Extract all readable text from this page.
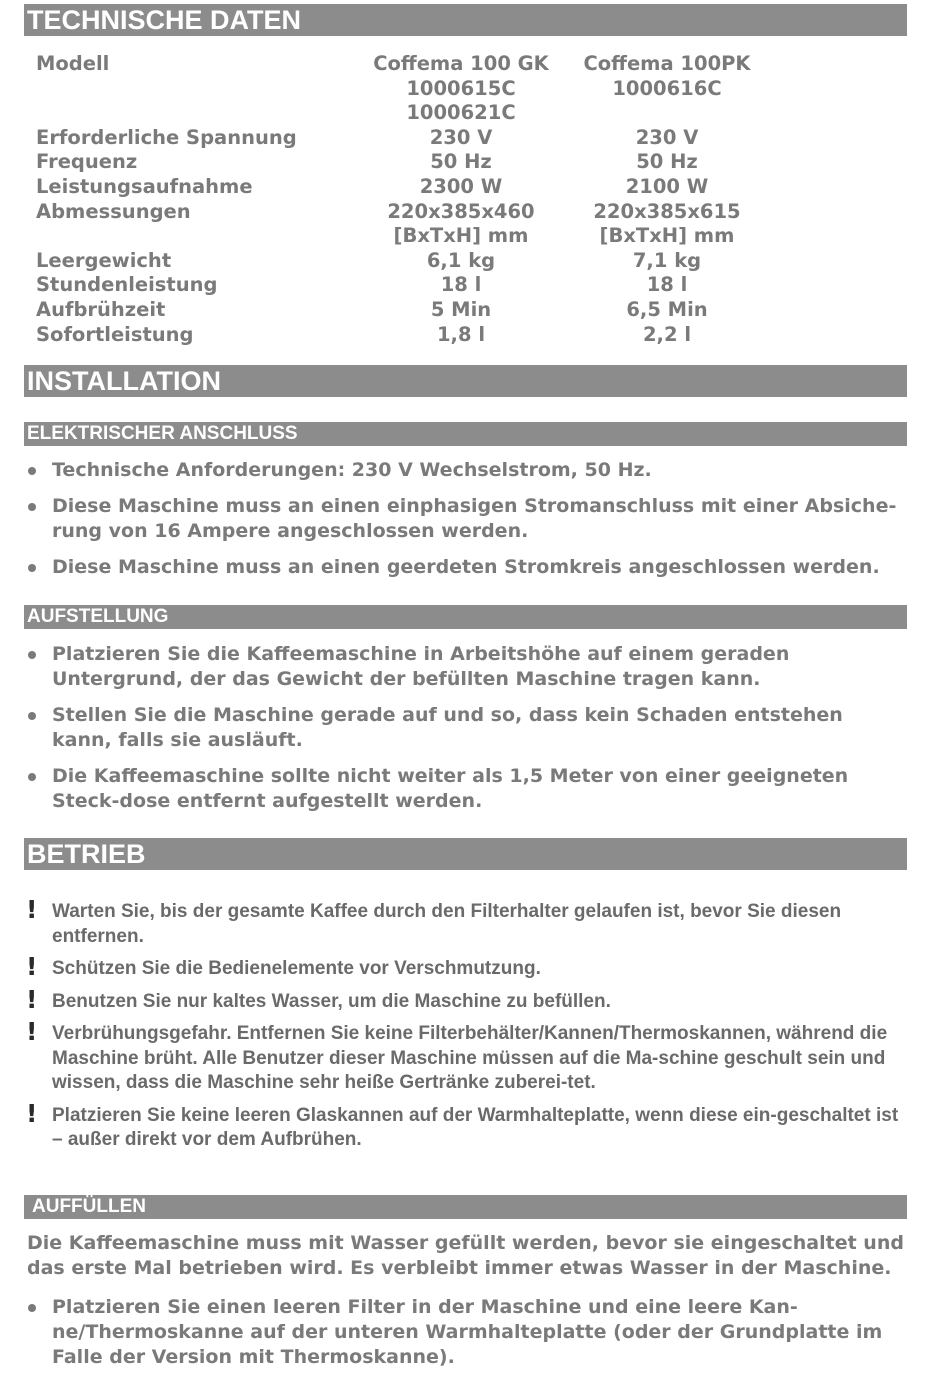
TECHNISCHE DATEN
Modell	Coffema 100 GK	Coffema 100PK
	1000615C	1000616C
	1000621C	
Erforderliche Spannung	230 V	230 V
Frequenz	50 Hz	50 Hz
Leistungsaufnahme	2300 W	2100 W
Abmessungen	220x385x460	220x385x615
	[BxTxH] mm	[BxTxH] mm
Leergewicht	6,1 kg	7,1 kg
Stundenleistung	18 l	18 l
Aufbrühzeit	5 Min	6,5 Min
Sofortleistung	1,8 l	2,2 l
INSTALLATION
ELEKTRISCHER ANSCHLUSS
Technische Anforderungen: 230 V Wechselstrom, 50 Hz.
Diese Maschine muss an einen einphasigen Stromanschluss mit einer Absiche-rung von 16 Ampere angeschlossen werden.
Diese Maschine muss an einen geerdeten Stromkreis angeschlossen werden.
AUFSTELLUNG
Platzieren Sie die Kaffeemaschine in Arbeitshöhe auf einem geraden Untergrund, der das Gewicht der befüllten Maschine tragen kann.
Stellen Sie die Maschine gerade auf und so, dass kein Schaden entstehen kann, falls sie ausläuft.
Die Kaffeemaschine sollte nicht weiter als 1,5 Meter von einer geeigneten Steck-dose entfernt aufgestellt werden.
BETRIEB
! Warten Sie, bis der gesamte Kaffee durch den Filterhalter gelaufen ist, bevor Sie diesen entfernen.
! Schützen Sie die Bedienelemente vor Verschmutzung.
! Benutzen Sie nur kaltes Wasser, um die Maschine zu befüllen.
! Verbrühungsgefahr. Entfernen Sie keine Filterbehälter/Kannen/Thermoskannen, während die Maschine brüht. Alle Benutzer dieser Maschine müssen auf die Ma-schine geschult sein und wissen, dass die Maschine sehr heiße Gertränke zuberei-tet.
! Platzieren Sie keine leeren Glaskannen auf der Warmhalteplatte, wenn diese ein-geschaltet ist – außer direkt vor dem Aufbrühen.
AUFFÜLLEN
Die Kaffeemaschine muss mit Wasser gefüllt werden, bevor sie eingeschaltet und das erste Mal betrieben wird. Es verbleibt immer etwas Wasser in der Maschine.
Platzieren Sie einen leeren Filter in der Maschine und eine leere Kan-ne/Thermoskanne auf der unteren Warmhalteplatte (oder der Grundplatte im Falle der Version mit Thermoskanne).
